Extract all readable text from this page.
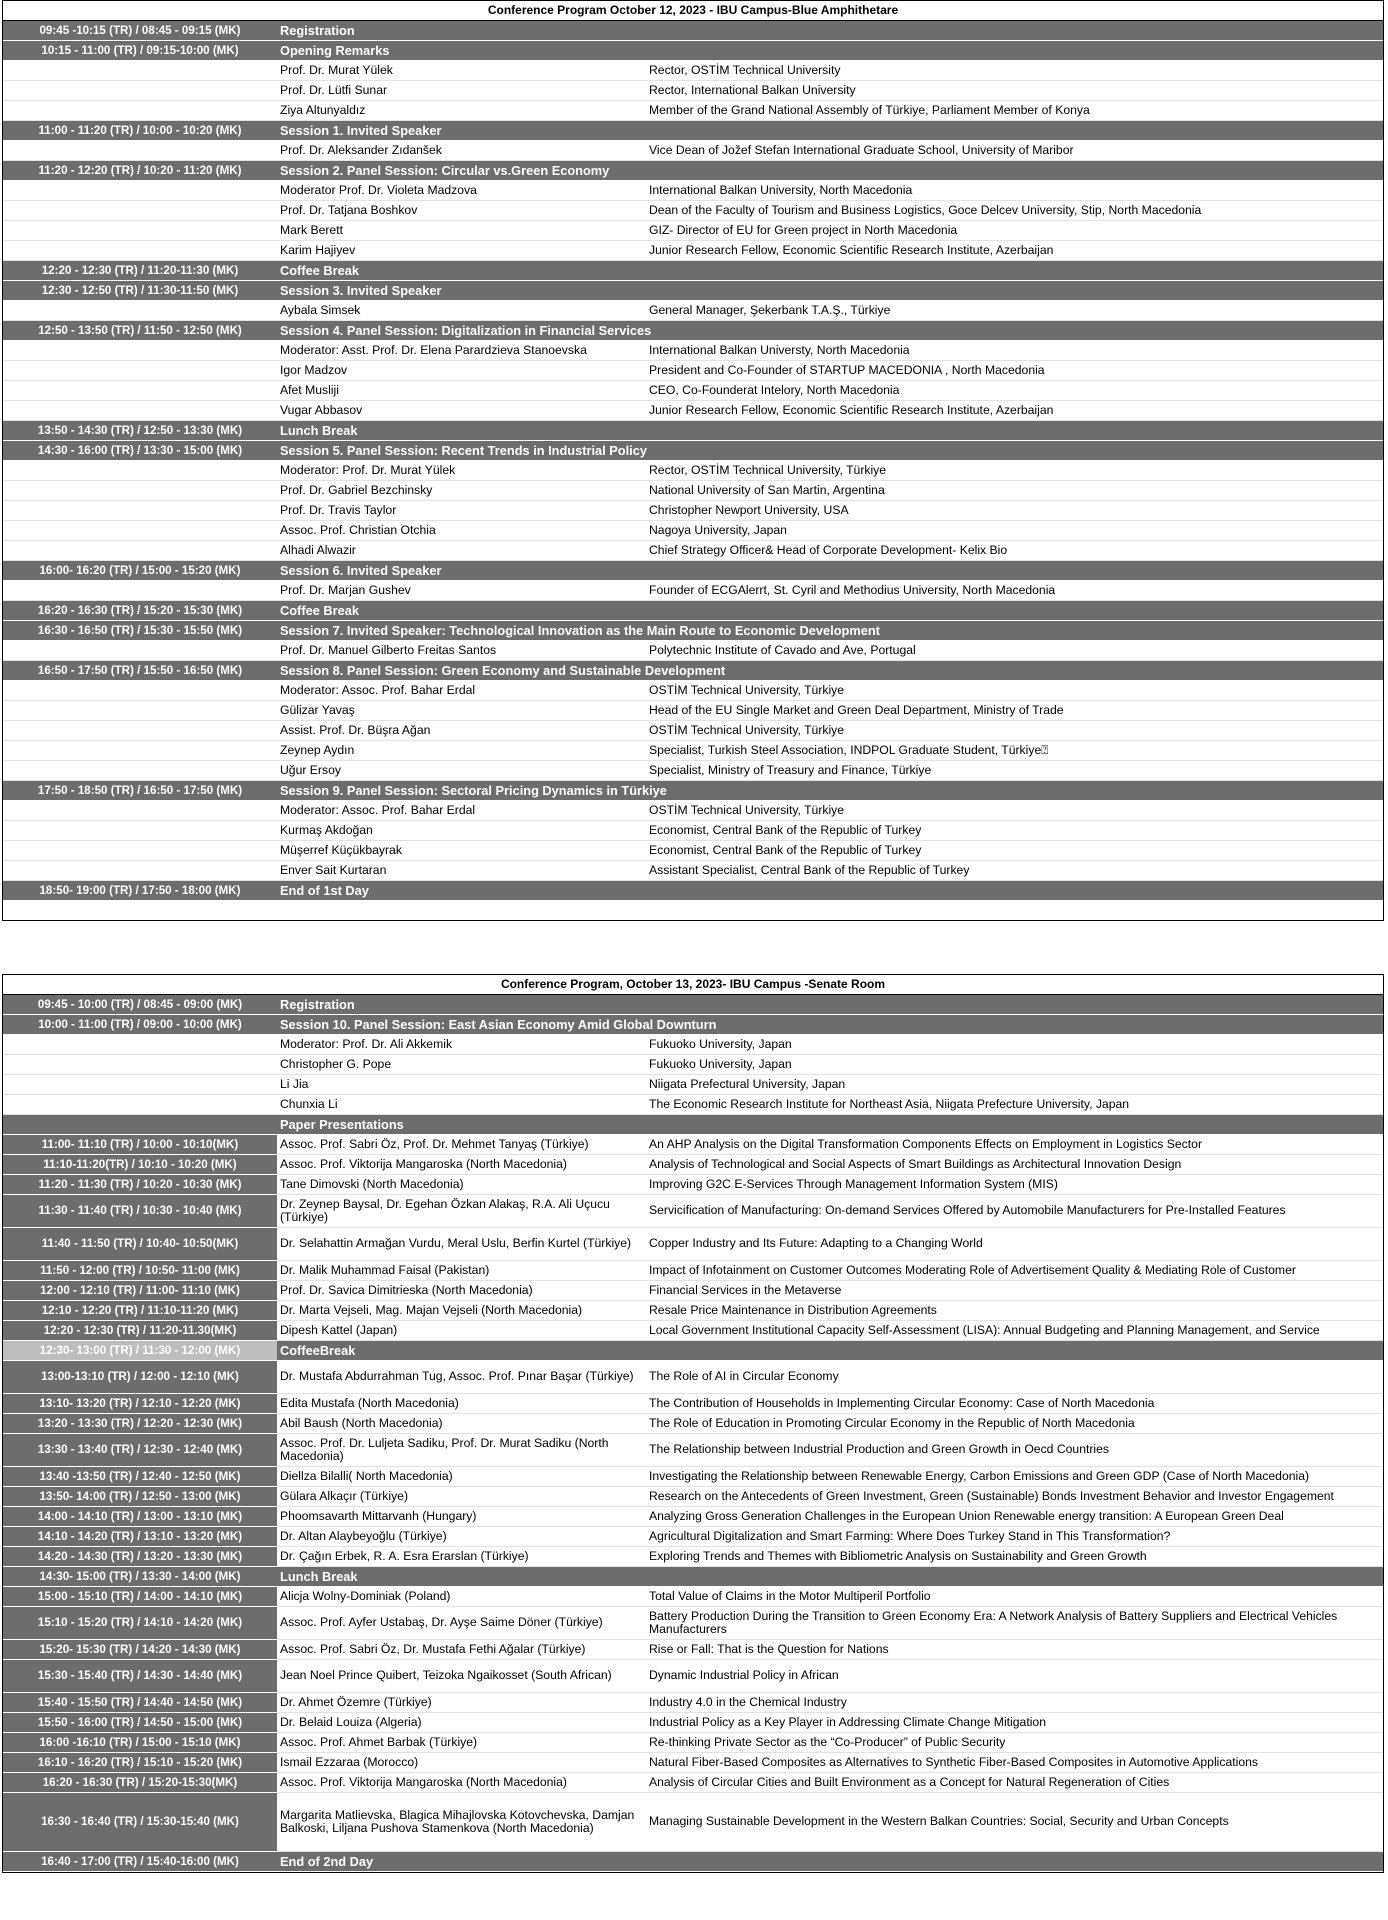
Conference Program October 12, 2023 - IBU Campus-Blue Amphithetare		
09:45 -10:15 (TR) / 08:45 - 09:15 (MK)	Registration	
10:15 - 11:00 (TR) / 09:15-10:00 (MK)	Opening Remarks	
	Prof. Dr. Murat Yülek	Rector, OSTİM Technical University
	Prof. Dr. Lütfi Sunar	Rector, International Balkan University
	Ziya Altunyaldız	Member of the Grand National Assembly of Türkiye, Parliament Member of Konya
11:00 - 11:20 (TR) / 10:00 - 10:20 (MK)	Session 1. Invited Speaker	
	Prof. Dr. Aleksander Zıdanšek	Vice Dean of Jožef Stefan International Graduate School, University of Maribor
11:20 - 12:20 (TR) / 10:20 - 11:20 (MK)	Session 2. Panel Session: Circular vs.Green Economy	
	Moderator Prof. Dr. Violeta Madzova	International Balkan University, North Macedonia
	Prof. Dr. Tatjana Boshkov	Dean of the Faculty of Tourism and Business Logistics, Goce Delcev University, Stip, North Macedonia
	Mark Berett	GIZ- Director of EU for Green project in North Macedonia
	Karim Hajiyev	Junior Research Fellow, Economic Scientific Research Institute, Azerbaijan
12:20 - 12:30 (TR) / 11:20-11:30 (MK)	Coffee Break	
12:30 - 12:50 (TR) / 11:30-11:50 (MK)	Session 3. Invited Speaker	
	Aybala Simsek	General Manager, Şekerbank T.A.Ş., Türkiye
12:50 - 13:50 (TR) / 11:50 - 12:50 (MK)	Session 4. Panel Session: Digitalization in Financial Services	
	Moderator: Asst. Prof. Dr. Elena Parardzieva Stanoevska	International Balkan Universty, North Macedonia
	Igor Madzov	President and Co-Founder of STARTUP MACEDONIA , North Macedonia
	Afet Musliji	CEO, Co-Founderat Intelory, North Macedonia
	Vugar Abbasov	Junior Research Fellow, Economic Scientific Research Institute, Azerbaijan
13:50 - 14:30 (TR) / 12:50 - 13:30 (MK)	Lunch Break	
14:30 - 16:00 (TR) / 13:30 - 15:00 (MK)	Session 5. Panel Session: Recent Trends in Industrial Policy	
	Moderator: Prof. Dr. Murat Yülek	Rector, OSTİM Technical University, Türkiye
	Prof. Dr. Gabriel Bezchinsky	National University of San Martin, Argentina
	Prof. Dr. Travis Taylor	Christopher Newport University, USA
	Assoc. Prof. Christian Otchia	Nagoya University, Japan
	Alhadi Alwazir	Chief Strategy Officer& Head of Corporate Development- Kelix Bio
16:00- 16:20 (TR) / 15:00 - 15:20 (MK)	Session 6. Invited Speaker	
	Prof. Dr. Marjan Gushev	Founder of ECGAlerrt, St. Cyril and Methodius University, North Macedonia
16:20 - 16:30 (TR) / 15:20 - 15:30 (MK)	Coffee Break	
16:30 - 16:50 (TR) / 15:30 - 15:50 (MK)	Session 7. Invited Speaker: Technological Innovation as the Main Route to Economic Development	
	Prof. Dr. Manuel Gilberto Freitas Santos	Polytechnic Institute of Cavado and Ave, Portugal
16:50 - 17:50 (TR) / 15:50 - 16:50 (MK)	Session 8. Panel Session: Green Economy and Sustainable Development	
	Moderator: Assoc. Prof. Bahar Erdal	OSTİM Technical University, Türkiye
	Gülizar Yavaş	Head of the EU Single Market and Green Deal Department, Ministry of Trade
	Assist. Prof. Dr. Büşra Ağan	OSTİM Technical University, Türkiye
	Zeynep Aydın	Specialist, Turkish Steel Association, INDPOL Graduate Student, Türkiye⍰
	Uğur Ersoy	Specialist, Ministry of Treasury and Finance, Türkiye
17:50 - 18:50 (TR) / 16:50 - 17:50 (MK)	Session 9. Panel Session: Sectoral Pricing Dynamics in Türkiye	
	Moderator: Assoc. Prof. Bahar Erdal	OSTİM Technical University, Türkiye
	Kurmaş Akdoğan	Economist, Central Bank of the Republic of Turkey
	Müşerref Küçükbayrak	Economist, Central Bank of the Republic of Turkey
	Enver Sait Kurtaran	Assistant Specialist, Central Bank of the Republic of Turkey
18:50- 19:00 (TR) / 17:50 - 18:00 (MK)	End of 1st Day	

Conference Program, October 13, 2023- IBU Campus -Senate Room		
09:45 - 10:00 (TR) / 08:45 - 09:00 (MK)	Registration	
10:00 - 11:00 (TR) / 09:00 - 10:00 (MK)	Session 10. Panel Session: East Asian Economy Amid Global Downturn	
	Moderator: Prof. Dr. Ali Akkemik	Fukuoko University, Japan
	Christopher G. Pope	Fukuoko University, Japan
	Li Jia	Niigata Prefectural University, Japan
	Chunxia Li	The Economic Research Institute for Northeast Asia, Niigata Prefecture University, Japan
	Paper Presentations	
11:00- 11:10 (TR) / 10:00 - 10:10(MK)	Assoc. Prof. Sabri Öz, Prof. Dr. Mehmet Tanyaş (Türkiye)	An AHP Analysis on the Digital Transformation Components Effects on Employment in Logistics Sector
11:10-11:20(TR) / 10:10 - 10:20 (MK)	Assoc. Prof. Viktorija Mangaroska (North Macedonia)	Analysis of Technological and Social Aspects of Smart Buildings as Architectural Innovation Design
11:20 - 11:30 (TR) / 10:20 - 10:30 (MK)	Tane Dimovski (North Macedonia)	Improving G2C E-Services Through Management Information System (MIS)
11:30 - 11:40 (TR) / 10:30 - 10:40 (MK)	Dr. Zeynep Baysal, Dr. Egehan Özkan Alakaş, R.A. Ali Uçucu (Türkiye)	Servicification of Manufacturing: On-demand Services Offered by Automobile Manufacturers for Pre-Installed Features
11:40 - 11:50 (TR) / 10:40- 10:50(MK)	Dr. Selahattin Armağan Vurdu, Meral Uslu, Berfin Kurtel (Türkiye)	Copper Industry and Its Future: Adapting to a Changing World
11:50 - 12:00 (TR) / 10:50- 11:00 (MK)	Dr. Malik Muhammad Faisal (Pakistan)	Impact of Infotainment on Customer Outcomes Moderating Role of Advertisement Quality & Mediating Role of Customer
12:00 - 12:10 (TR) / 11:00- 11:10 (MK)	Prof. Dr. Savica Dimitrieska (North Macedonia)	Financial Services in the Metaverse
12:10 - 12:20 (TR) / 11:10-11:20 (MK)	Dr. Marta Vejseli, Mag. Majan Vejseli (North Macedonia)	Resale Price Maintenance in Distribution Agreements
12:20 - 12:30 (TR) / 11:20-11.30(MK)	Dipesh Kattel (Japan)	Local Government Institutional Capacity Self-Assessment (LISA): Annual Budgeting and Planning Management, and Service
12:30- 13:00 (TR) / 11:30 - 12:00 (MK)	CoffeeBreak	
13:00-13:10 (TR) / 12:00 - 12:10 (MK)	Dr. Mustafa Abdurrahman Tug, Assoc. Prof. Pınar Başar (Türkiye)	The Role of AI in Circular Economy
13:10- 13:20 (TR) / 12:10 - 12:20 (MK)	Edita Mustafa (North Macedonia)	The Contribution of Households in Implementing Circular Economy: Case of North Macedonia
13:20 - 13:30 (TR) / 12:20 - 12:30 (MK)	Abil Baush (North Macedonia)	The Role of Education in Promoting Circular Economy in the Republic of North Macedonia
13:30 - 13:40 (TR) / 12:30 - 12:40 (MK)	Assoc. Prof. Dr. Luljeta Sadiku, Prof. Dr. Murat Sadiku (North Macedonia)	The Relationship between Industrial Production and Green Growth in Oecd Countries
13:40 -13:50 (TR) / 12:40 - 12:50 (MK)	Diellza Bilalli( North Macedonia)	Investigating the Relationship between Renewable Energy, Carbon Emissions and Green GDP (Case of North Macedonia)
13:50- 14:00 (TR) / 12:50 - 13:00 (MK)	Gülara Alkaçır (Türkiye)	Research on the Antecedents of Green Investment, Green (Sustainable) Bonds Investment Behavior and Investor Engagement
14:00 - 14:10 (TR) / 13:00 - 13:10 (MK)	Phoomsavarth Mittarvanh (Hungary)	Analyzing Gross Generation Challenges in the European Union Renewable energy transition: A European Green Deal
14:10 - 14:20 (TR) / 13:10 - 13:20 (MK)	Dr. Altan Alaybeyoğlu (Türkiye)	Agricultural Digitalization and Smart Farming: Where Does Turkey Stand in This Transformation?
14:20 - 14:30 (TR) / 13:20 - 13:30 (MK)	Dr. Çağın Erbek, R. A. Esra Erarslan (Türkiye)	Exploring Trends and Themes with Bibliometric Analysis on Sustainability and Green Growth
14:30- 15:00 (TR) / 13:30 - 14:00 (MK)	Lunch Break	
15:00 - 15:10 (TR) / 14:00 - 14:10 (MK)	Alicja Wolny-Dominiak (Poland)	Total Value of Claims in the Motor Multiperil Portfolio
15:10 - 15:20 (TR) / 14:10 - 14:20 (MK)	Assoc. Prof. Ayfer Ustabaş, Dr. Ayşe Saime Döner (Türkiye)	Battery Production During the Transition to Green Economy Era: A Network Analysis of Battery Suppliers and Electrical Vehicles Manufacturers
15:20- 15:30 (TR) / 14:20 - 14:30 (MK)	Assoc. Prof. Sabri Öz, Dr. Mustafa Fethi Ağalar (Türkiye)	Rise or Fall: That is the Question for Nations
15:30 - 15:40 (TR) / 14:30 - 14:40 (MK)	Jean Noel Prince Quibert, Teizoka Ngaikosset (South African)	Dynamic Industrial Policy in African
15:40 - 15:50 (TR) / 14:40 - 14:50 (MK)	Dr. Ahmet Özemre (Türkiye)	Industry 4.0 in the Chemical Industry
15:50 - 16:00 (TR) / 14:50 - 15:00 (MK)	Dr. Belaid Louiza (Algeria)	Industrial Policy as a Key Player in Addressing Climate Change Mitigation
16:00 -16:10 (TR) / 15:00 - 15:10 (MK)	Assoc. Prof. Ahmet Barbak (Türkiye)	Re-thinking Private Sector as the “Co-Producer” of Public Security
16:10 - 16:20 (TR) / 15:10 - 15:20 (MK)	Ismail Ezzaraa (Morocco)	Natural Fiber-Based Composites as Alternatives to Synthetic Fiber-Based Composites in Automotive Applications
16:20 - 16:30 (TR) / 15:20-15:30(MK)	Assoc. Prof. Viktorija Mangaroska (North Macedonia)	Analysis of Circular Cities and Built Environment as a Concept for Natural Regeneration of Cities
16:30 - 16:40 (TR) / 15:30-15:40 (MK)	Margarita Matlievska, Blagica Mihajlovska Kotovchevska, Damjan Balkoski, Liljana Pushova Stamenkova (North Macedonia)	Managing Sustainable Development in the Western Balkan Countries: Social, Security and Urban Concepts
16:40 - 17:00 (TR) / 15:40-16:00 (MK)	End of 2nd Day	
